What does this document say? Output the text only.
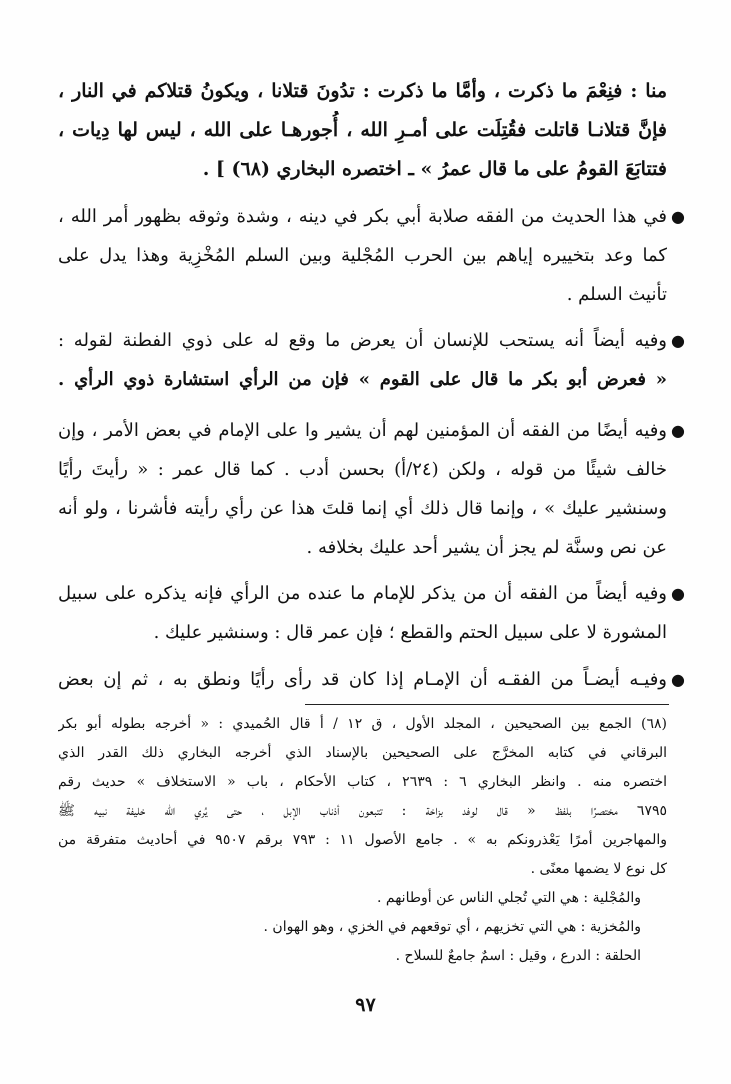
منا : فنِعْمَ ما ذكرت ، وأمَّا ما ذكرت : تدُونَ قتلانا ، ويكونُ قتلاكم في النار ،
فإنَّ قتلانـا قاتلت فقُتِلَت على أمـرِ الله ، أُجورهـا على الله ، ليس لها دِيات ،
فتتابَعَ القومُ على ما قال عمرُ » ـ اختصره البخاري (٦٨) ] .
●
في هذا الحديث من الفقه صلابة أبي بكر في دينه ، وشدة وثوقه بظهور أمر الله ،
كما وعد بتخييره إياهم بين الحرب المُجْلية وبين السلم المُخْزِية وهذا يدل على
تأنيث السلم .
●
وفيه أيضاً أنه يستحب للإنسان أن يعرض ما وقع له على ذوي الفطنة لقوله :
« فعرض أبو بكر ما قال على القوم » فإن من الرأي استشارة ذوي الرأي .
●
وفيه أيضًا من الفقه أن المؤمنين لهم أن يشير وا على الإمام في بعض الأمر ، وإن
خالف شيئًا من قوله ، ولكن (٢٤/أ) بحسن أدب . كما قال عمر : « رأيتَ رأيًا
وسنشير عليك » ، وإنما قال ذلك أي إنما قلتَ هذا عن رأي رأيته فأشرنا ، ولو أنه
عن نص وسنَّة لم يجز أن يشير أحد عليك بخلافه .
●
وفيه أيضاً من الفقه أن من يذكر للإمام ما عنده من الرأي فإنه يذكره على سبيل
المشورة لا على سبيل الحتم والقطع ؛ فإن عمر قال : وسنشير عليك .
●
وفيـه أيضـاً من الفقـه أن الإمـام إذا كان قد رأى رأيًا ونطق به ، ثم إن بعض
(٦٨) الجمع بين الصحيحين ، المجلد الأول ، ق ١٢ / أ قال الحُميدي : « أخرجه بطوله أبو بكر
البرقاني في كتابه المخرَّج على الصحيحين بالإسناد الذي أخرجه البخاري ذلك القدر الذي
اختصره منه . وانظر البخاري ٦ : ٢٦٣٩ ، كتاب الأحكام ، باب « الاستخلاف » حديث رقم
٦٧٩٥ مختصرًا بلفظ « قال لوفد بزاخة : تتبعون أذناب الإبل ، حتى يُري الله خليفة نبيه ﷺ
والمهاجرين أمرًا يَعْذرونكم به » . جامع الأصول ١١ : ٧٩٣ برقم ٩٥٠٧ في أحاديث متفرقة من
كل نوع لا يضمها معنًى .
والمُجْلية : هي التي تُجلي الناس عن أوطانهم .
والمُخزية : هي التي تخزيهم ، أي توقعهم في الخزي ، وهو الهوان .
الحلقة : الدرع ، وقيل : اسمٌ جامعٌ للسلاح .
٩٧
